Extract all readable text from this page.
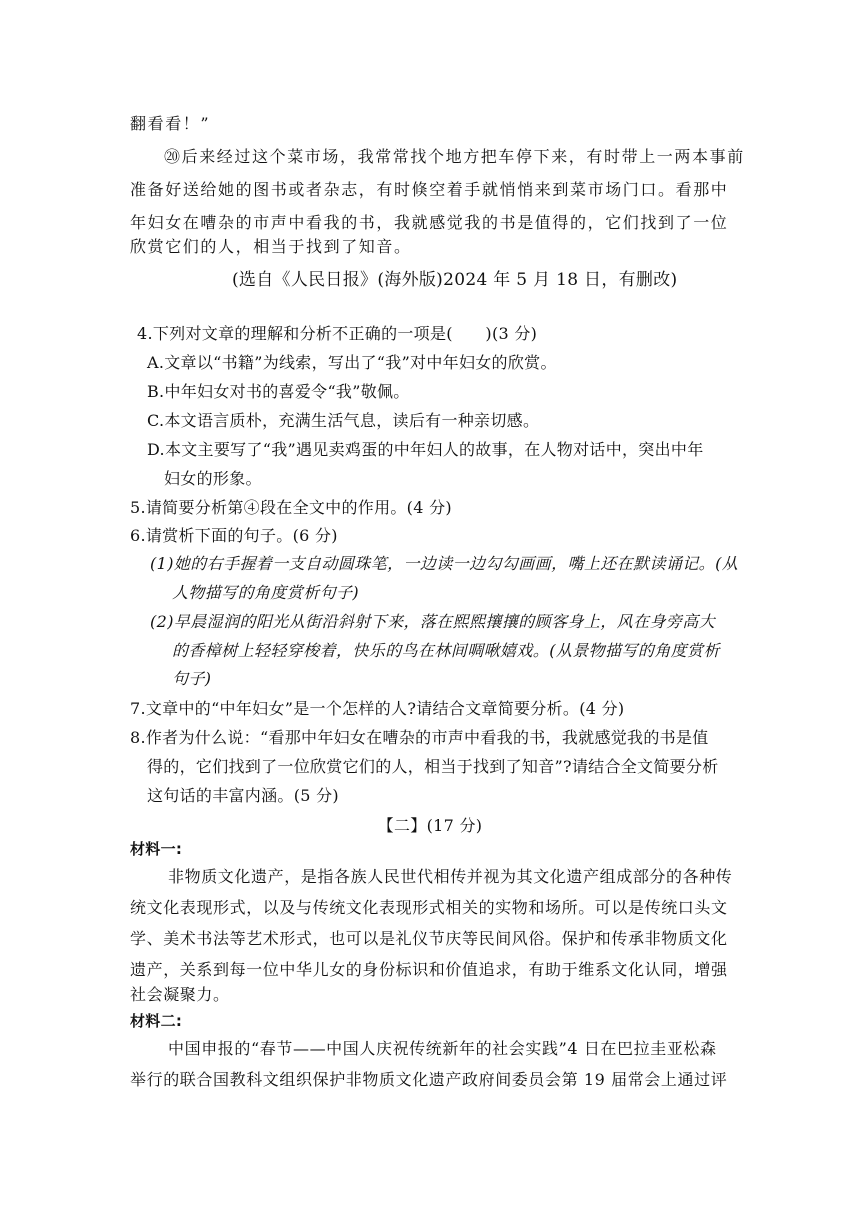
翻看看！”
⑳后来经过这个菜市场，我常常找个地方把车停下来，有时带上一两本事前
准备好送给她的图书或者杂志，有时倏空着手就悄悄来到菜市场门口。看那中
年妇女在嘈杂的市声中看我的书，我就感觉我的书是值得的，它们找到了一位
欣赏它们的人，相当于找到了知音。
(选自《人民日报》(海外版)2024 年 5 月 18 日，有删改)
4.下列对文章的理解和分析不正确的一项是(　　)(3 分)
A.文章以“书籍”为线索，写出了“我”对中年妇女的欣赏。
B.中年妇女对书的喜爱令“我”敬佩。
C.本文语言质朴，充满生活气息，读后有一种亲切感。
D.本文主要写了“我”遇见卖鸡蛋的中年妇人的故事，在人物对话中，突出中年
妇女的形象。
5.请简要分析第④段在全文中的作用。(4 分)
6.请赏析下面的句子。(6 分)
(1)她的右手握着一支自动圆珠笔，一边读一边勾勾画画，嘴上还在默读诵记。(从
人物描写的角度赏析句子)
(2)早晨湿润的阳光从街沿斜射下来，落在熙熙攘攘的顾客身上，风在身旁高大
的香樟树上轻轻穿梭着，快乐的鸟在林间啁啾嬉戏。(从景物描写的角度赏析
句子)
7.文章中的“中年妇女”是一个怎样的人?请结合文章简要分析。(4 分)
8.作者为什么说：“看那中年妇女在嘈杂的市声中看我的书，我就感觉我的书是值
得的，它们找到了一位欣赏它们的人，相当于找到了知音”?请结合全文简要分析
这句话的丰富内涵。(5 分)
【二】(17 分)
材料一:
非物质文化遗产，是指各族人民世代相传并视为其文化遗产组成部分的各种传
统文化表现形式，以及与传统文化表现形式相关的实物和场所。可以是传统口头文
学、美术书法等艺术形式，也可以是礼仪节庆等民间风俗。保护和传承非物质文化
遗产，关系到每一位中华儿女的身份标识和价值追求，有助于维系文化认同，增强
社会凝聚力。
材料二:
中国申报的“春节——中国人庆祝传统新年的社会实践”4 日在巴拉圭亚松森
举行的联合国教科文组织保护非物质文化遗产政府间委员会第 19 届常会上通过评
